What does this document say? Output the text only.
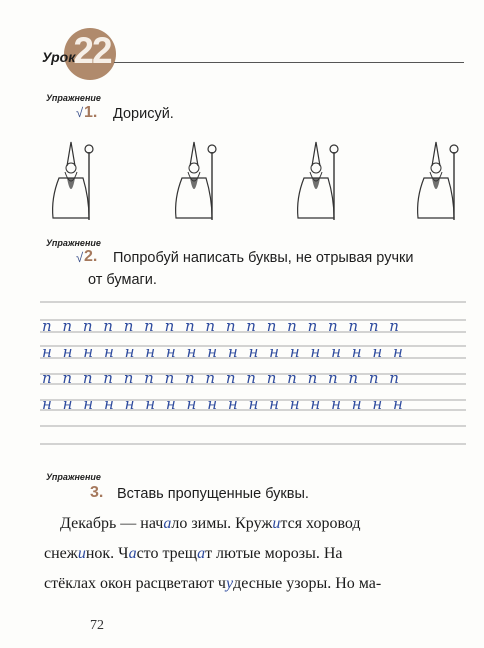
22
Урок
Упражнение
√ 1. Дорисуй.
Упражнение
√ 2. Попробуй написать буквы, не отрывая ручки
от бумаги.
п п п п п п п п п п п п п п п п п п
н н н н н н н н н н н н н н н н н н
п п п п п п п п п п п п п п п п п п
н н н н н н н н н н н н н н н н н н
Упражнение
3. Вставь пропущенные буквы.
Декабрь — начало зимы. Кружится хоровод
снежинок. Часто трещат лютые морозы. На
стёклах окон расцветают чудесные узоры. Но ма-
72
